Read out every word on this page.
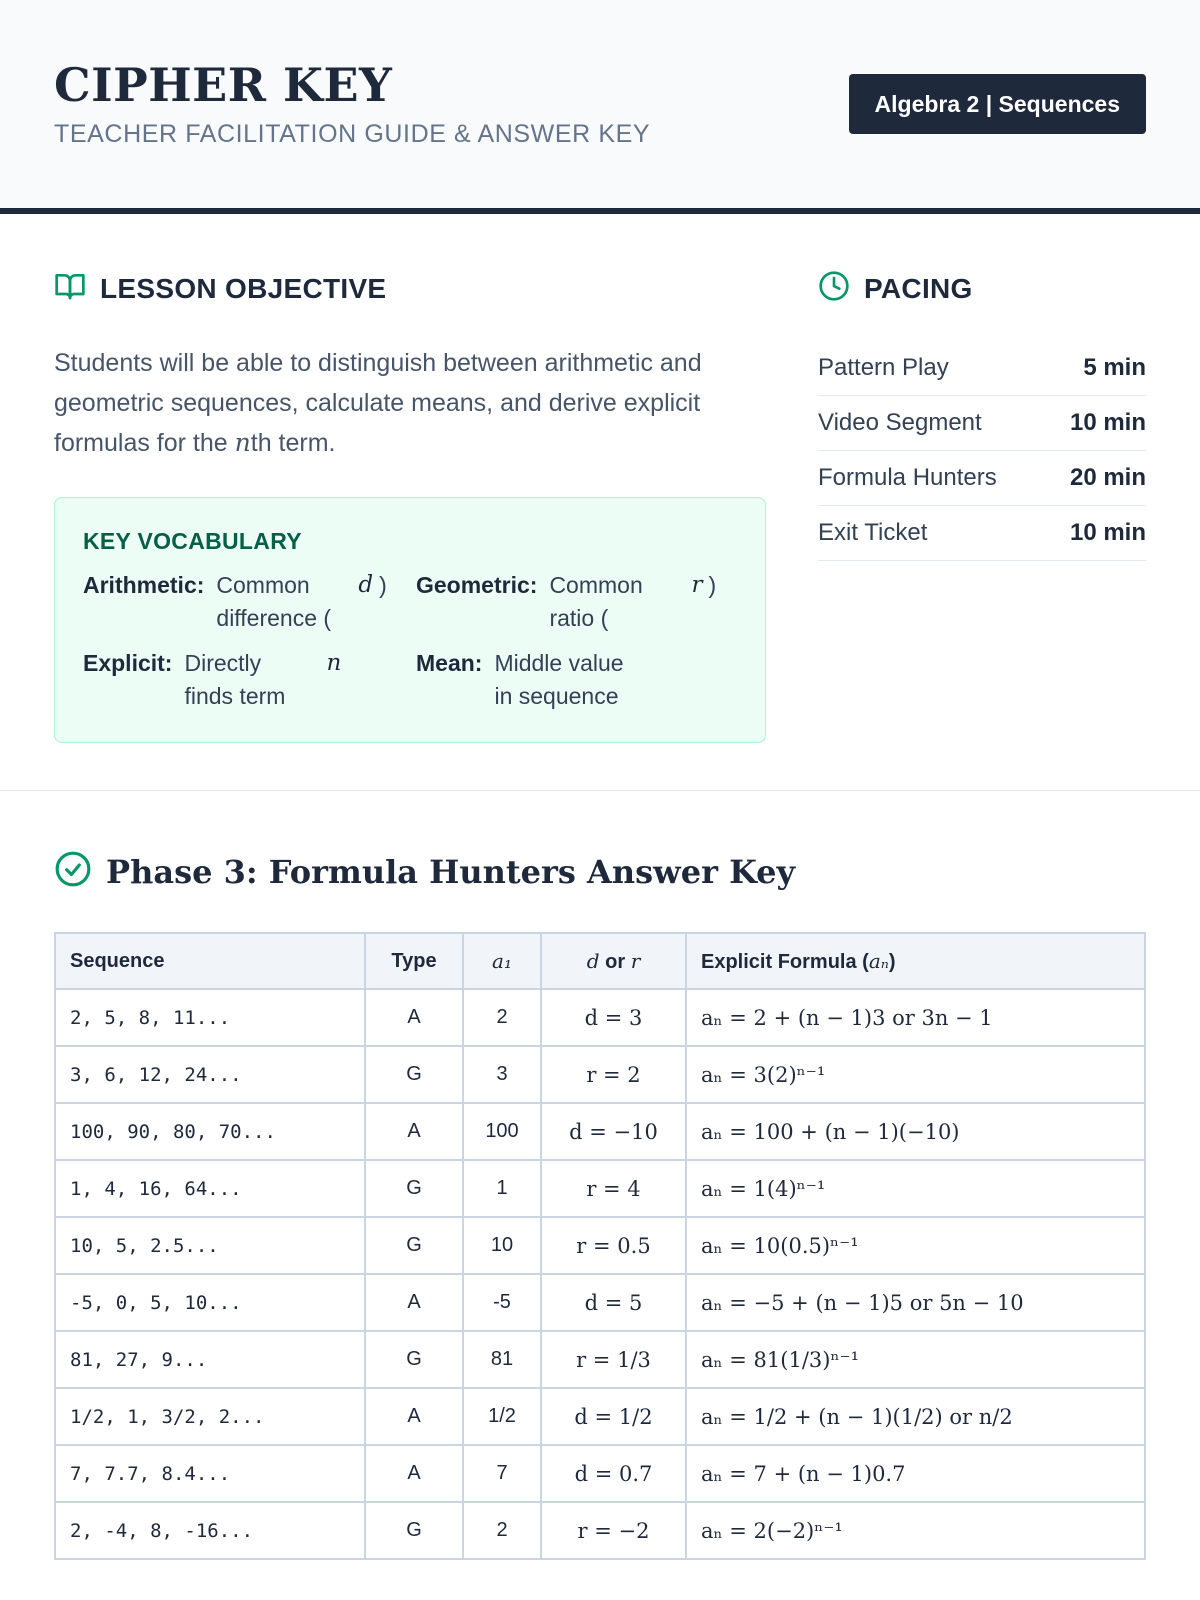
CIPHER KEY
TEACHER FACILITATION GUIDE & ANSWER KEY
Algebra 2 | Sequences
LESSON OBJECTIVE

Students will be able to distinguish between arithmetic and geometric sequences, calculate means, and derive explicit formulas for the nth term.

KEY VOCABULARY
Arithmetic: Common difference (
d ) Geometric: Common ratio (
r )
Explicit: Directly finds term
n	Mean: Middle value in sequence
PACING
Pattern Play	5 min
Video Segment	10 min
Formula Hunters	20 min
Exit Ticket	10 min
Phase 3: Formula Hunters Answer Key
Sequence	Type	a₁	d or r	Explicit Formula (aₙ)
2, 5, 8, 11...	A	2	d = 3	aₙ = 2 + (n − 1)3 or 3n − 1
3, 6, 12, 24...	G	3	r = 2	aₙ = 3(2)ⁿ⁻¹
100, 90, 80, 70...	A	100	d = −10	aₙ = 100 + (n − 1)(−10)
1, 4, 16, 64...	G	1	r = 4	aₙ = 1(4)ⁿ⁻¹
10, 5, 2.5...	G	10	r = 0.5	aₙ = 10(0.5)ⁿ⁻¹
-5, 0, 5, 10...	A	-5	d = 5	aₙ = −5 + (n − 1)5 or 5n − 10
81, 27, 9...	G	81	r = 1/3	aₙ = 81(1/3)ⁿ⁻¹
1/2, 1, 3/2, 2...	A	1/2	d = 1/2	aₙ = 1/2 + (n − 1)(1/2) or n/2
7, 7.7, 8.4...	A	7	d = 0.7	aₙ = 7 + (n − 1)0.7
2, -4, 8, -16...	G	2	r = −2	aₙ = 2(−2)ⁿ⁻¹
